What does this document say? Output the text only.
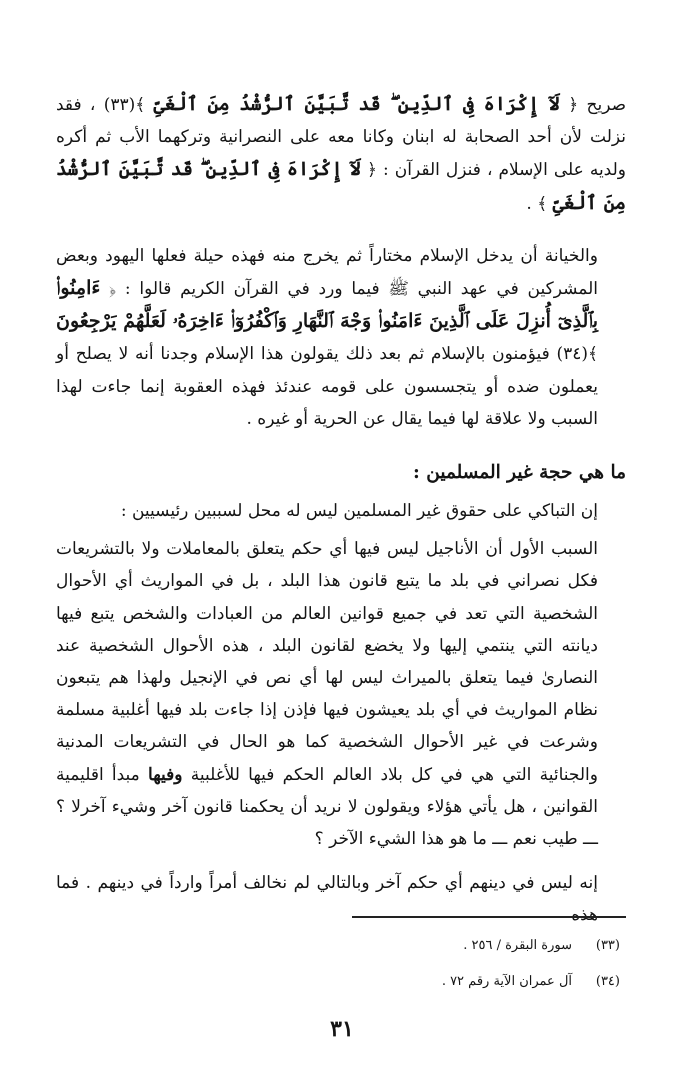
صريح ﴿ لَآ إِكْرَاهَ فِى ٱلدِّينِ ۖ قَد تَّبَيَّنَ ٱلرُّشْدُ مِنَ ٱلْغَىِّ ﴾(٣٣) ، فقد نزلت لأن أحد الصحابة له ابنان وكانا معه على النصرانية وتركهما الأب ثم أكره ولديه على الإسلام ، فنزل القرآن : ﴿ لَآ إِكْرَاهَ فِى ٱلدِّينِ ۖ قَد تَّبَيَّنَ ٱلرُّشْدُ مِنَ ٱلْغَىِّ ﴾ .

والخيانة أن يدخل الإسلام مختاراً ثم يخرج منه فهذه حيلة فعلها اليهود وبعض المشركين في عهد النبي ﷺ فيما ورد في القرآن الكريم قالوا : ﴿ ءَامِنُوا۟ بِٱلَّذِىٓ أُنزِلَ عَلَى ٱلَّذِينَ ءَامَنُوا۟ وَجْهَ ٱلنَّهَارِ وَٱكْفُرُوٓا۟ ءَاخِرَهُۥ لَعَلَّهُمْ يَرْجِعُونَ ﴾(٣٤) فيؤمنون بالإسلام ثم بعد ذلك يقولون هذا الإسلام وجدنا أنه لا يصلح أو يعملون ضده أو يتجسسون على قومه عندئذ فهذه العقوبة إنما جاءت لهذا السبب ولا علاقة لها فيما يقال عن الحرية أو غيره .

ما هي حجة غير المسلمين :

إن التباكي على حقوق غير المسلمين ليس له محل لسببين رئيسيين :

السبب الأول أن الأناجيل ليس فيها أي حكم يتعلق بالمعاملات ولا بالتشريعات فكل نصراني في بلد ما يتبع قانون هذا البلد ، بل في المواريث أي الأحوال الشخصية التي تعد في جميع قوانين العالم من العبادات والشخص يتبع فيها ديانته التي ينتمي إليها ولا يخضع لقانون البلد ، هذه الأحوال الشخصية عند النصارىٰ فيما يتعلق بالميراث ليس لها أي نص في الإنجيل ولهذا هم يتبعون نظام المواريث في أي بلد يعيشون فيها فإذن إذا جاءت بلد فيها أغلبية مسلمة وشرعت في غير الأحوال الشخصية كما هو الحال في التشريعات المدنية والجنائية التي هي في كل بلاد العالم الحكم فيها للأغلبية وفيها مبدأ اقليمية القوانين ، هل يأتي هؤلاء ويقولون لا نريد أن يحكمنا قانون آخر وشيء آخرلا ؟ ـــ طيب نعم ـــ ما هو هذا الشيء الآخر ؟

إنه ليس في دينهم أي حكم آخر وبالتالي لم نخالف أمراً وارداً في دينهم . فما هذه

(٣٣)سورة البقرة / ٢٥٦ .

(٣٤)آل عمران الآية رقم ٧٢ .

٣١
